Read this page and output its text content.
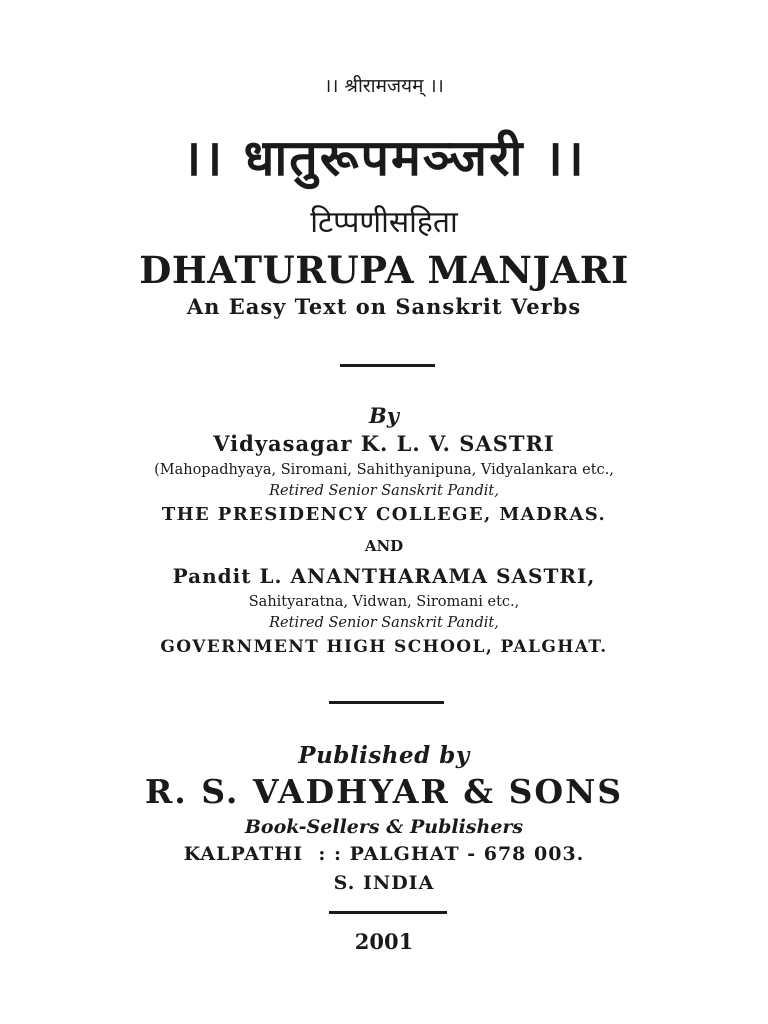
।। श्रीरामजयम् ।।
।। धातुरूपमञ्जरी ।।
टिप्पणीसहिता
DHATURUPA MANJARI
An Easy Text on Sanskrit Verbs
By
Vidyasagar K. L. V. SASTRI
(Mahopadhyaya, Siromani, Sahithyanipuna, Vidyalankara etc.,
Retired Senior Sanskrit Pandit,
THE PRESIDENCY COLLEGE, MADRAS.
AND
Pandit L. ANANTHARAMA SASTRI,
Sahityaratna, Vidwan, Siromani etc.,
Retired Senior Sanskrit Pandit,
GOVERNMENT HIGH SCHOOL, PALGHAT.
Published by
R. S. VADHYAR & SONS
Book-Sellers & Publishers
KALPATHI  : : PALGHAT - 678 003.
S. INDIA
2001
